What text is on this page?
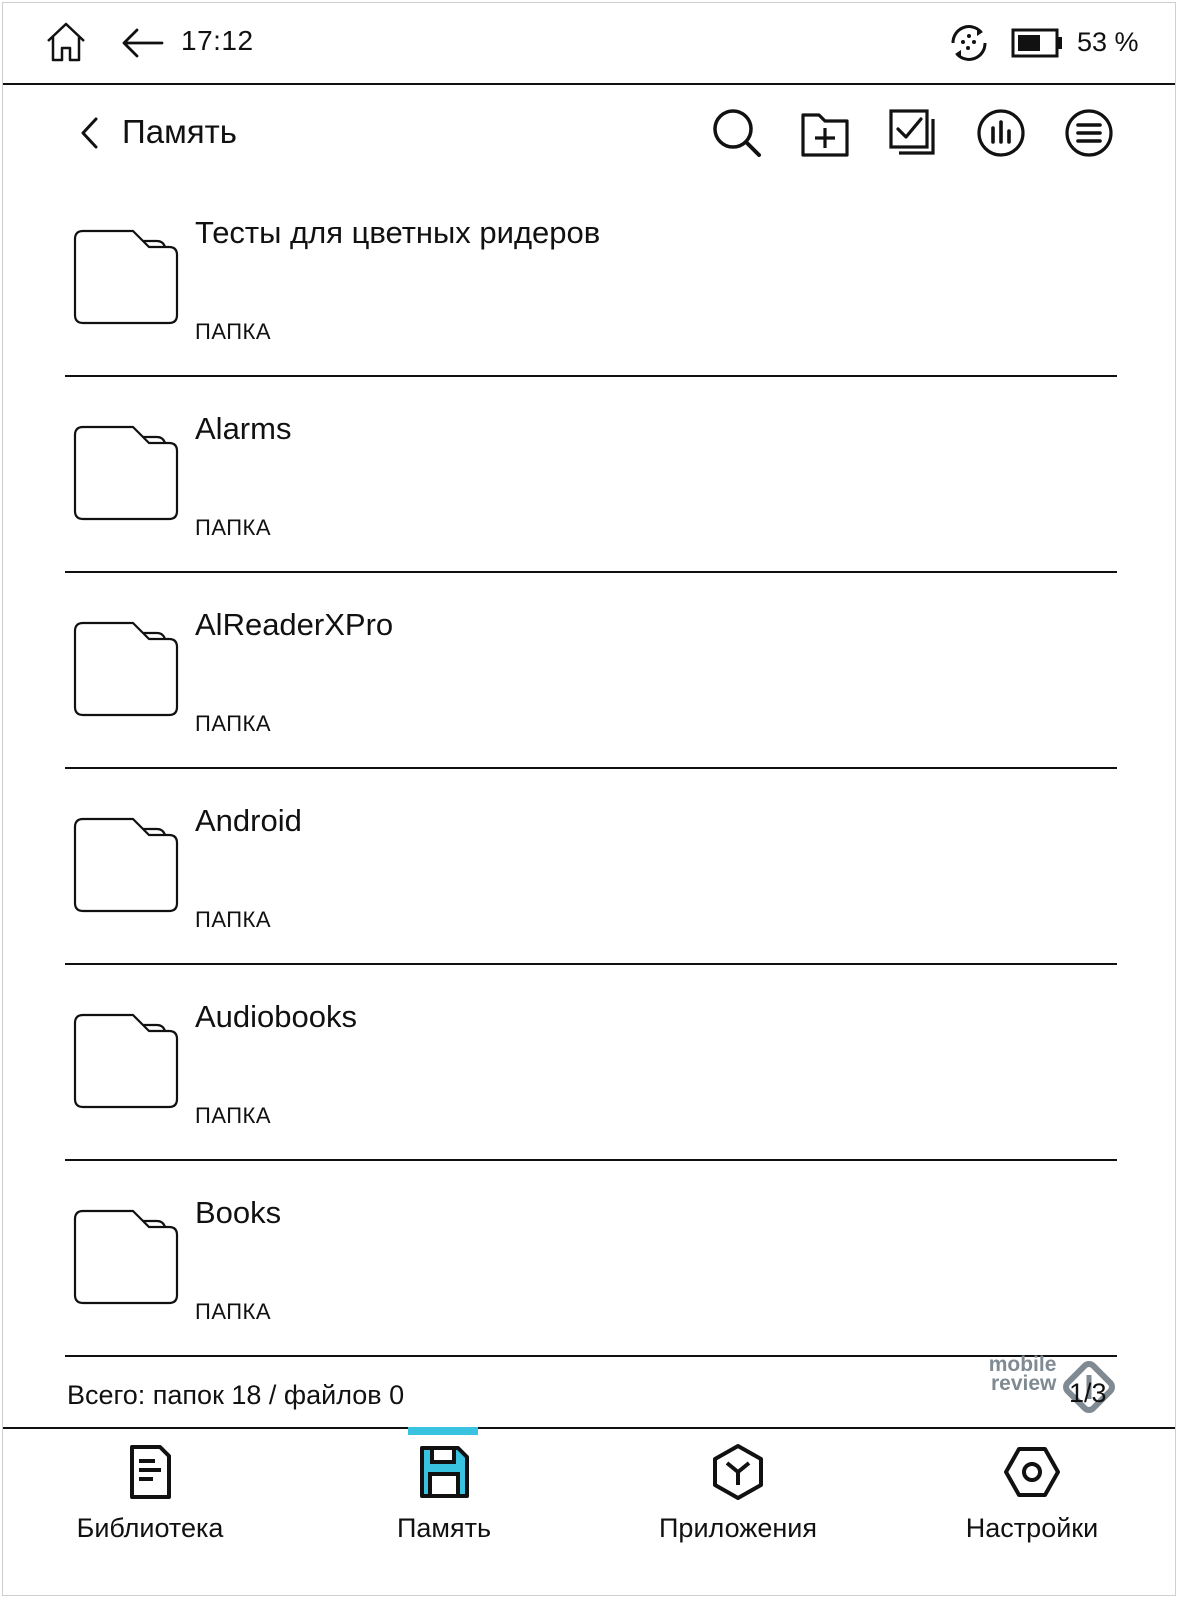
17:12	53 %
Память
Тесты для цветных ридеров
ПАПКА
Alarms
ПАПКА
AlReaderXPro
ПАПКА
Android
ПАПКА
Audiobooks
ПАПКА
Books
ПАПКА
Всего: папок 18 / файлов 0
mobile
review 1/3
Библиотека	Память	Приложения	Настройки
